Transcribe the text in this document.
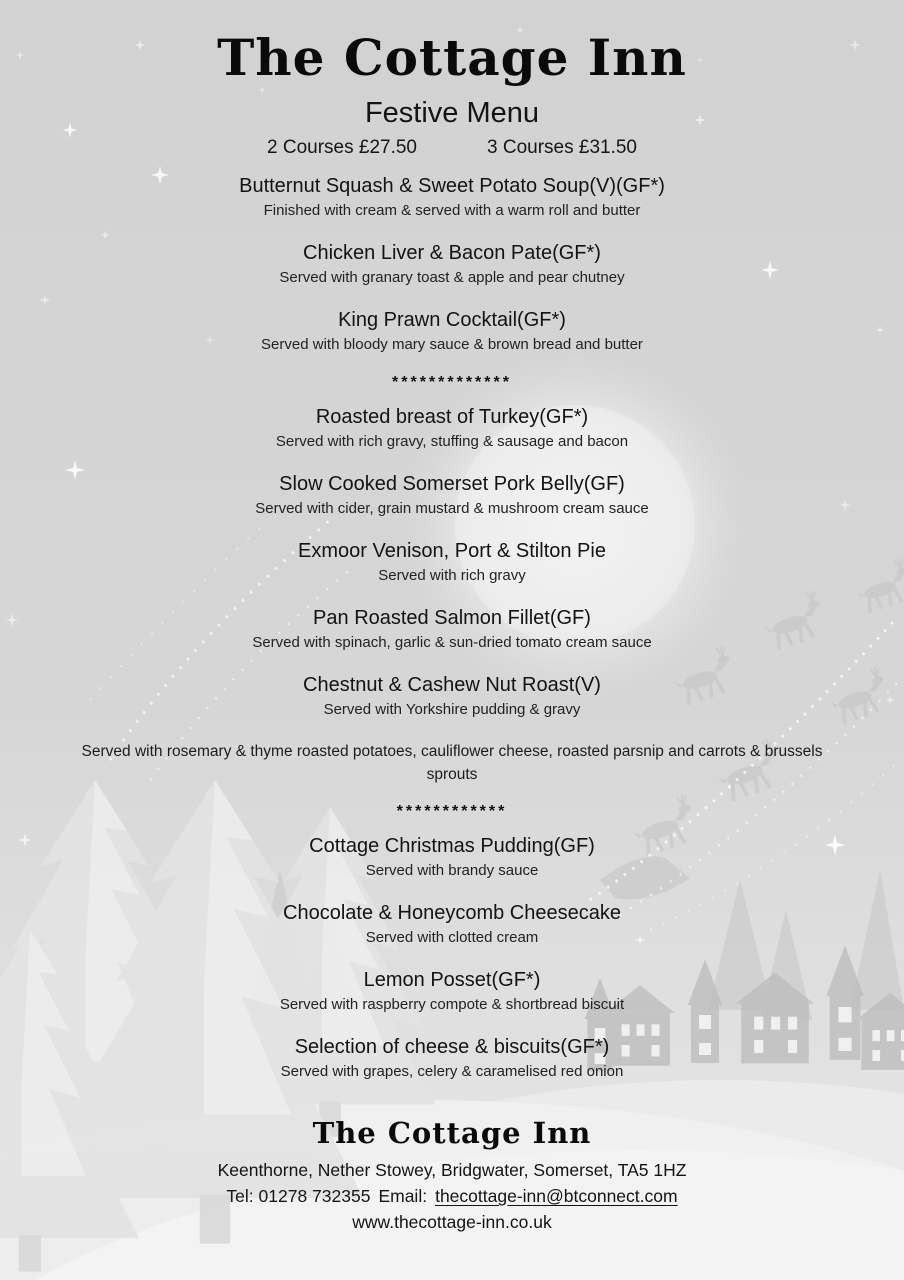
The Cottage Inn
Festive Menu
2 Courses £27.50	3 Courses £31.50
Butternut Squash & Sweet Potato Soup(V)(GF*)
Finished with cream & served with a warm roll and butter
Chicken Liver & Bacon Pate(GF*)
Served with granary toast & apple and pear chutney
King Prawn Cocktail(GF*)
Served with bloody mary sauce & brown bread and butter
*************
Roasted breast of Turkey(GF*)
Served with rich gravy, stuffing & sausage and bacon
Slow Cooked Somerset Pork Belly(GF)
Served with cider, grain mustard & mushroom cream sauce
Exmoor Venison, Port & Stilton Pie
Served with rich gravy
Pan Roasted Salmon Fillet(GF)
Served with spinach, garlic & sun-dried tomato cream sauce
Chestnut & Cashew Nut Roast(V)
Served with Yorkshire pudding & gravy
Served with rosemary & thyme roasted potatoes, cauliflower cheese, roasted parsnip and carrots & brussels sprouts
************
Cottage Christmas Pudding(GF)
Served with brandy sauce
Chocolate & Honeycomb Cheesecake
Served with clotted cream
Lemon Posset(GF*)
Served with raspberry compote & shortbread biscuit
Selection of cheese & biscuits(GF*)
Served with grapes, celery & caramelised red onion
The Cottage Inn
Keenthorne, Nether Stowey, Bridgwater, Somerset, TA5 1HZ
Tel: 01278 732355 Email: thecottage-inn@btconnect.com
www.thecottage-inn.co.uk
